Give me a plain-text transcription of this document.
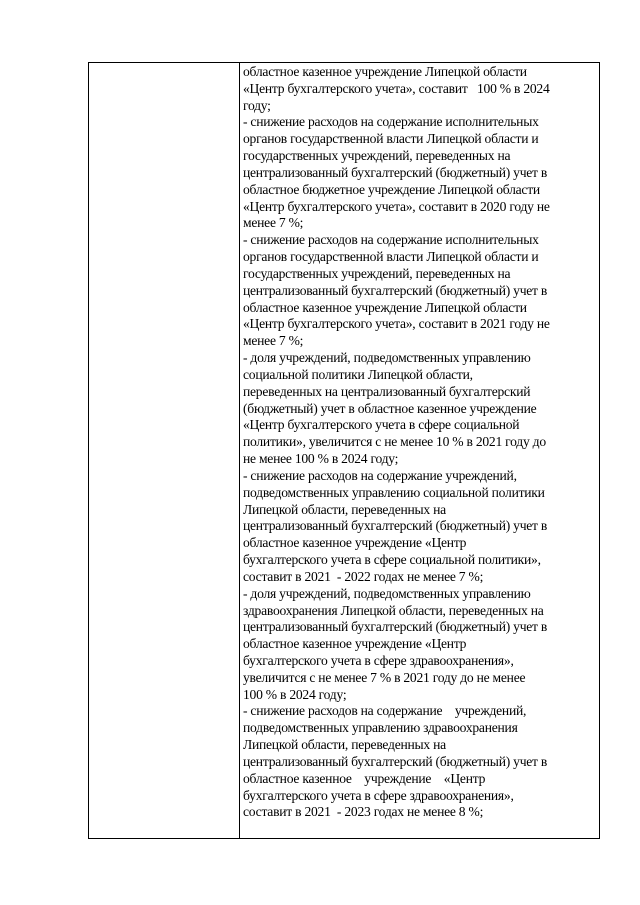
областное казенное учреждение Липецкой области
«Центр бухгалтерского учета», составит   100 % в 2024
году;
- снижение расходов на содержание исполнительных
органов государственной власти Липецкой области и
государственных учреждений, переведенных на
централизованный бухгалтерский (бюджетный) учет в
областное бюджетное учреждение Липецкой области
«Центр бухгалтерского учета», составит в 2020 году не
менее 7 %;
- снижение расходов на содержание исполнительных
органов государственной власти Липецкой области и
государственных учреждений, переведенных на
централизованный бухгалтерский (бюджетный) учет в
областное казенное учреждение Липецкой области
«Центр бухгалтерского учета», составит в 2021 году не
менее 7 %;
- доля учреждений, подведомственных управлению
социальной политики Липецкой области,
переведенных на централизованный бухгалтерский
(бюджетный) учет в областное казенное учреждение
«Центр бухгалтерского учета в сфере социальной
политики», увеличится с не менее 10 % в 2021 году до
не менее 100 % в 2024 году;
- снижение расходов на содержание учреждений,
подведомственных управлению социальной политики
Липецкой области, переведенных на
централизованный бухгалтерский (бюджетный) учет в
областное казенное учреждение «Центр
бухгалтерского учета в сфере социальной политики»,
составит в 2021  - 2022 годах не менее 7 %;
- доля учреждений, подведомственных управлению
здравоохранения Липецкой области, переведенных на
централизованный бухгалтерский (бюджетный) учет в
областное казенное учреждение «Центр
бухгалтерского учета в сфере здравоохранения»,
увеличится с не менее 7 % в 2021 году до не менее
100 % в 2024 году;
- снижение расходов на содержание    учреждений,
подведомственных управлению здравоохранения
Липецкой области, переведенных на
централизованный бухгалтерский (бюджетный) учет в
областное казенное    учреждение    «Центр
бухгалтерского учета в сфере здравоохранения»,
составит в 2021  - 2023 годах не менее 8 %;
